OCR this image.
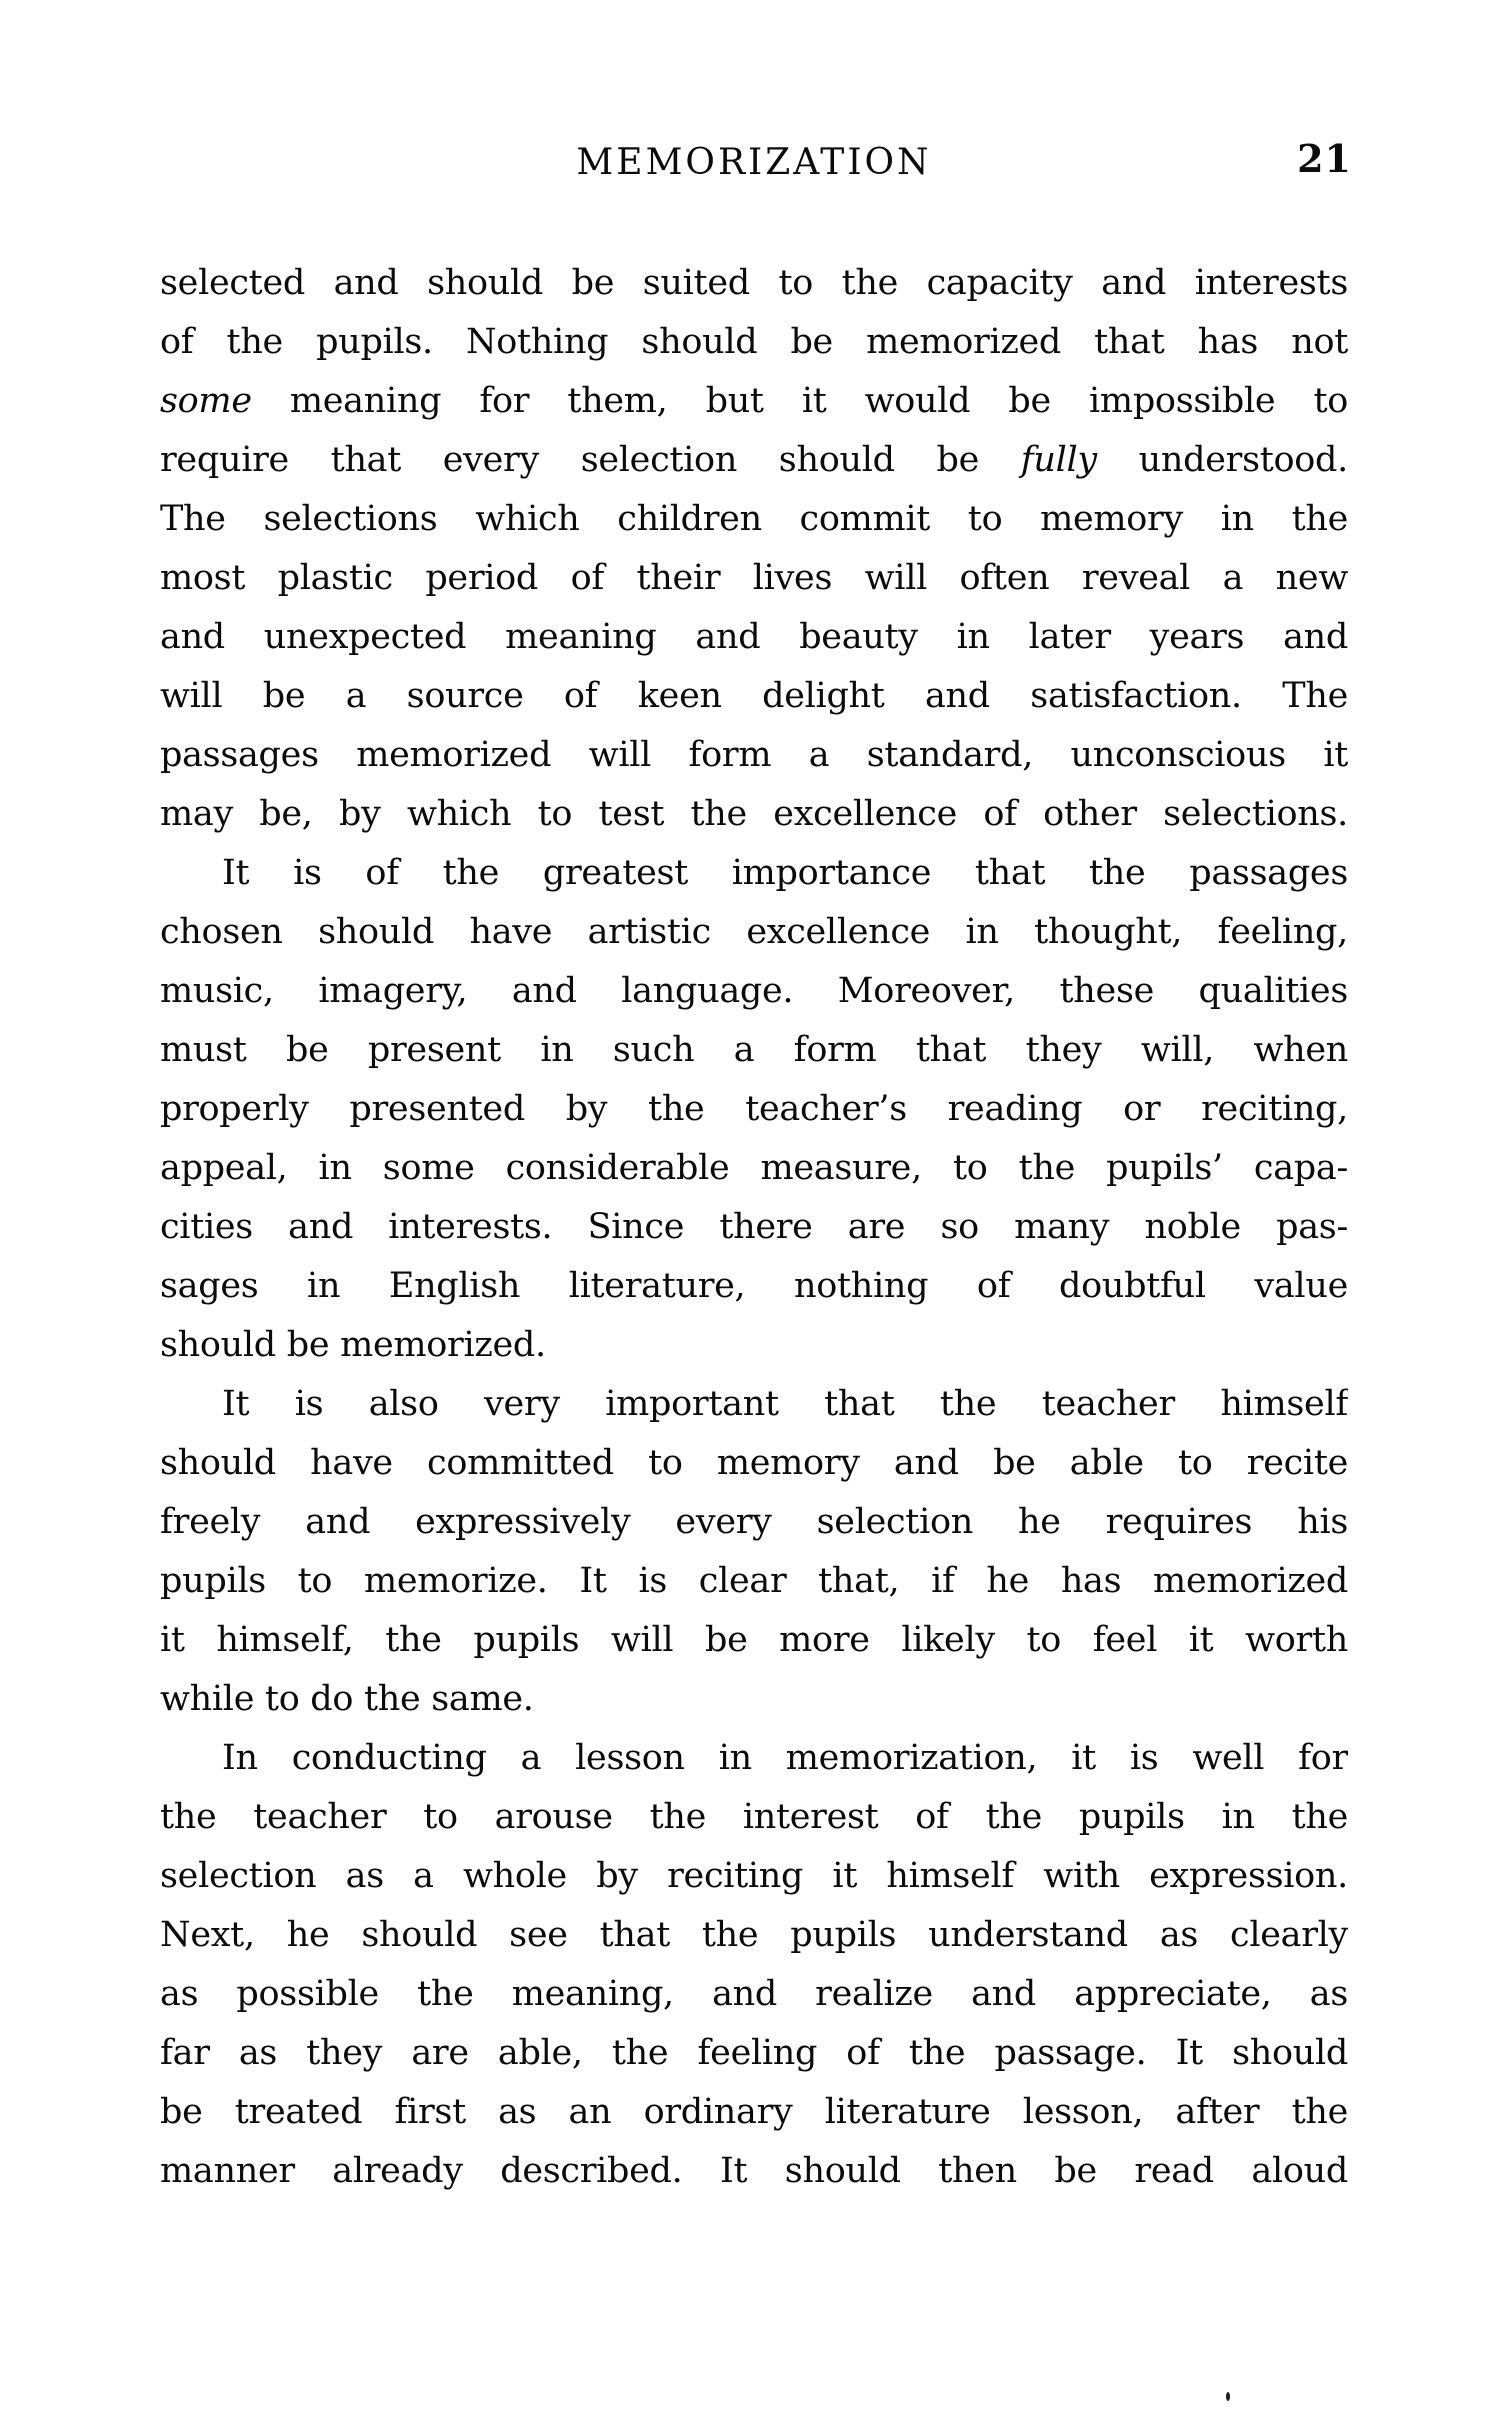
MEMORIZATION	21
selected and should be suited to the capacity and interests
of the pupils. Nothing should be memorized that has not
some meaning for them, but it would be impossible to
require that every selection should be fully understood.
The selections which children commit to memory in the
most plastic period of their lives will often reveal a new
and unexpected meaning and beauty in later years and
will be a source of keen delight and satisfaction. The
passages memorized will form a standard, unconscious it
may be, by which to test the excellence of other selections.
It is of the greatest importance that the passages
chosen should have artistic excellence in thought, feeling,
music, imagery, and language. Moreover, these qualities
must be present in such a form that they will, when
properly presented by the teacher’s reading or reciting,
appeal, in some considerable measure, to the pupils’ capa-
cities and interests. Since there are so many noble pas-
sages in English literature, nothing of doubtful value
should be memorized.
It is also very important that the teacher himself
should have committed to memory and be able to recite
freely and expressively every selection he requires his
pupils to memorize. It is clear that, if he has memorized
it himself, the pupils will be more likely to feel it worth
while to do the same.
In conducting a lesson in memorization, it is well for
the teacher to arouse the interest of the pupils in the
selection as a whole by reciting it himself with expression.
Next, he should see that the pupils understand as clearly
as possible the meaning, and realize and appreciate, as
far as they are able, the feeling of the passage. It should
be treated first as an ordinary literature lesson, after the
manner already described. It should then be read aloud
